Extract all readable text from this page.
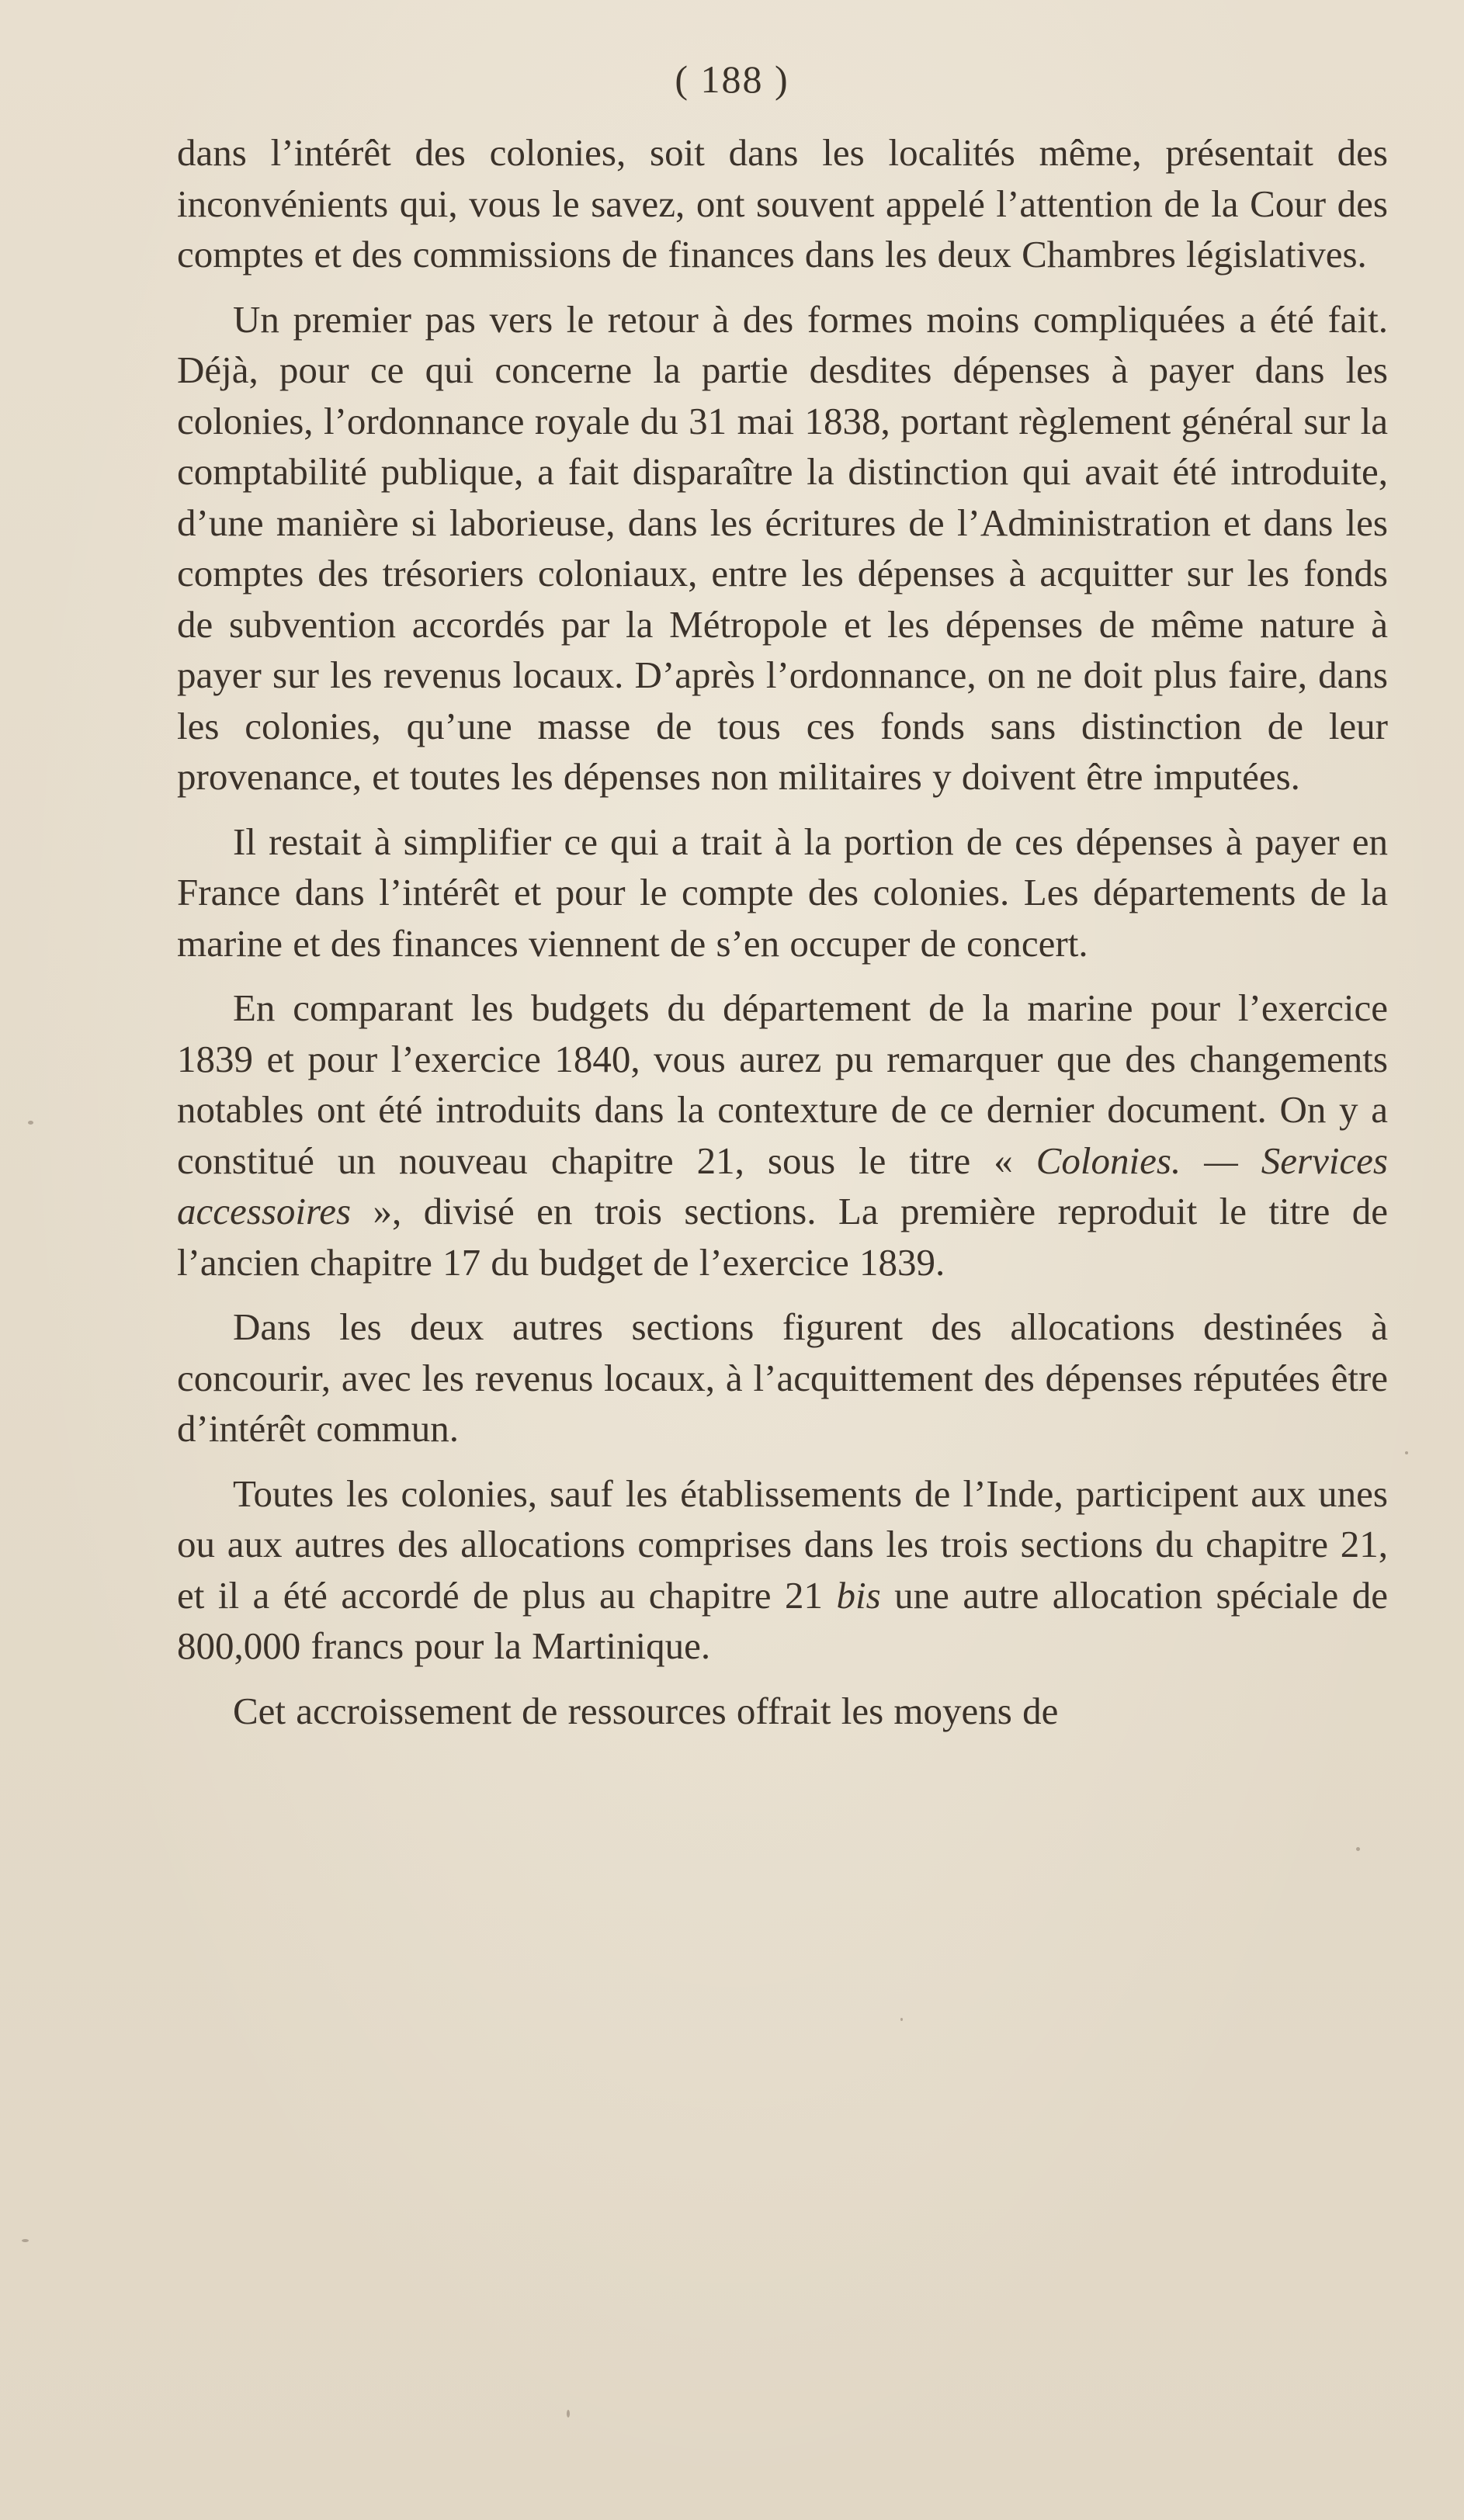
( 188 )

dans l’intérêt des colonies, soit dans les localités même, présentait des inconvénients qui, vous le savez, ont souvent appelé l’attention de la Cour des comptes et des commissions de finances dans les deux Chambres législatives.

Un premier pas vers le retour à des formes moins compliquées a été fait. Déjà, pour ce qui concerne la partie desdites dépenses à payer dans les colonies, l’ordonnance royale du 31 mai 1838, portant règlement général sur la comptabilité publique, a fait disparaître la distinction qui avait été introduite, d’une manière si laborieuse, dans les écritures de l’Administration et dans les comptes des trésoriers coloniaux, entre les dépenses à acquitter sur les fonds de subvention accordés par la Métropole et les dépenses de même nature à payer sur les revenus locaux. D’après l’ordonnance, on ne doit plus faire, dans les colonies, qu’une masse de tous ces fonds sans distinction de leur provenance, et toutes les dépenses non militaires y doivent être imputées.

Il restait à simplifier ce qui a trait à la portion de ces dépenses à payer en France dans l’intérêt et pour le compte des colonies. Les départements de la marine et des finances viennent de s’en occuper de concert.

En comparant les budgets du département de la marine pour l’exercice 1839 et pour l’exercice 1840, vous aurez pu remarquer que des changements notables ont été introduits dans la contexture de ce dernier document. On y a constitué un nouveau chapitre 21, sous le titre « Colonies. — Services accessoires », divisé en trois sections. La première reproduit le titre de l’ancien chapitre 17 du budget de l’exercice 1839.

Dans les deux autres sections figurent des allocations destinées à concourir, avec les revenus locaux, à l’acquittement des dépenses réputées être d’intérêt commun.

Toutes les colonies, sauf les établissements de l’Inde, participent aux unes ou aux autres des allocations comprises dans les trois sections du chapitre 21, et il a été accordé de plus au chapitre 21 bis une autre allocation spéciale de 800,000 francs pour la Martinique.

Cet accroissement de ressources offrait les moyens de
